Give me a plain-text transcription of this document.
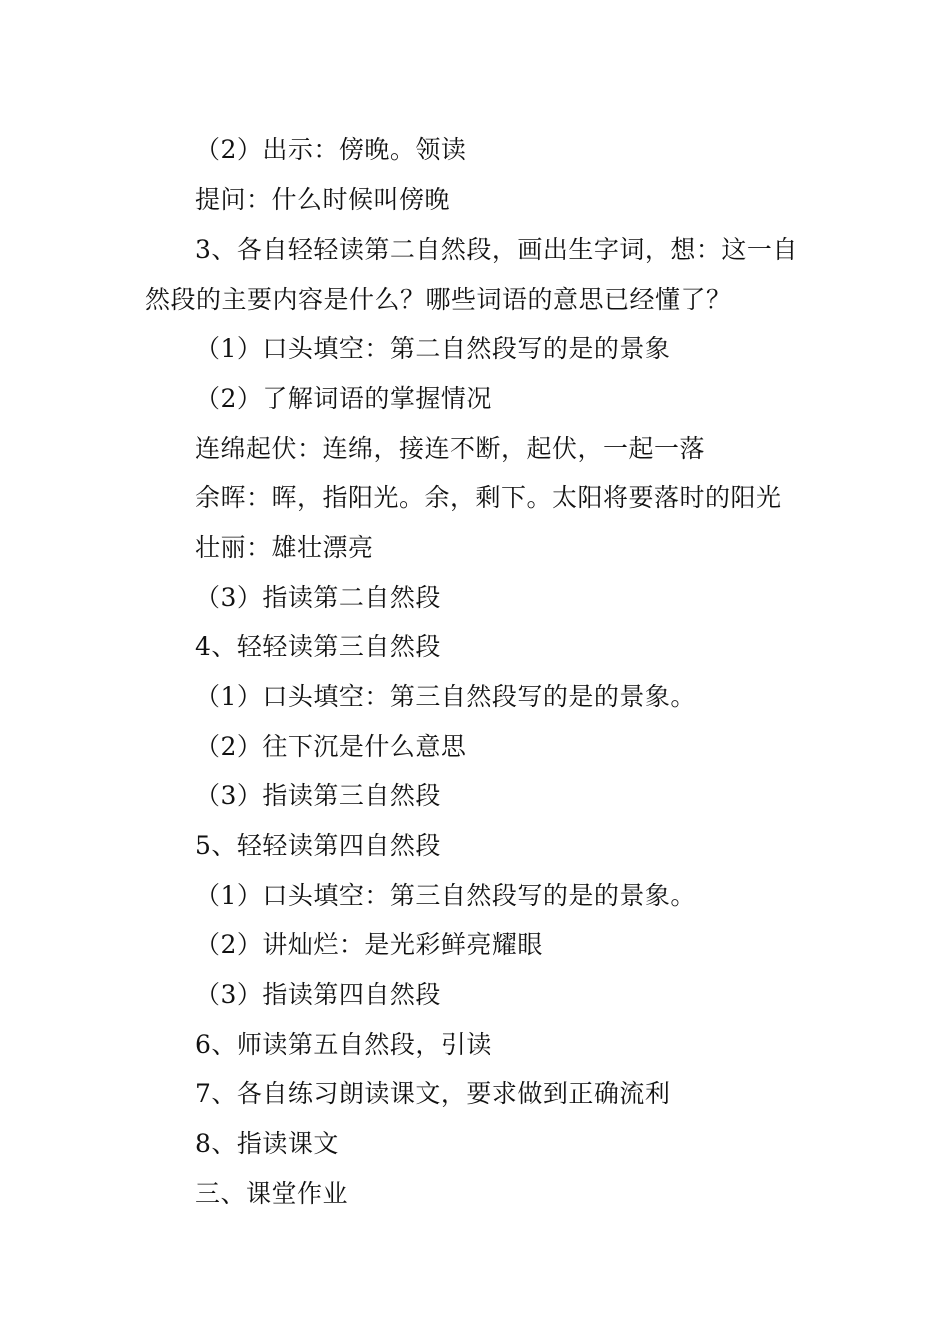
（2）出示：傍晚。领读
提问：什么时候叫傍晚
3、各自轻轻读第二自然段，画出生字词，想：这一自
然段的主要内容是什么？哪些词语的意思已经懂了？
（1）口头填空：第二自然段写的是的景象
（2）了解词语的掌握情况
连绵起伏：连绵，接连不断，起伏，一起一落
余晖：晖，指阳光。余，剩下。太阳将要落时的阳光
壮丽：雄壮漂亮
（3）指读第二自然段
4、轻轻读第三自然段
（1）口头填空：第三自然段写的是的景象。
（2）往下沉是什么意思
（3）指读第三自然段
5、轻轻读第四自然段
（1）口头填空：第三自然段写的是的景象。
（2）讲灿烂：是光彩鲜亮耀眼
（3）指读第四自然段
6、师读第五自然段，引读
7、各自练习朗读课文，要求做到正确流利
8、指读课文
三、课堂作业
